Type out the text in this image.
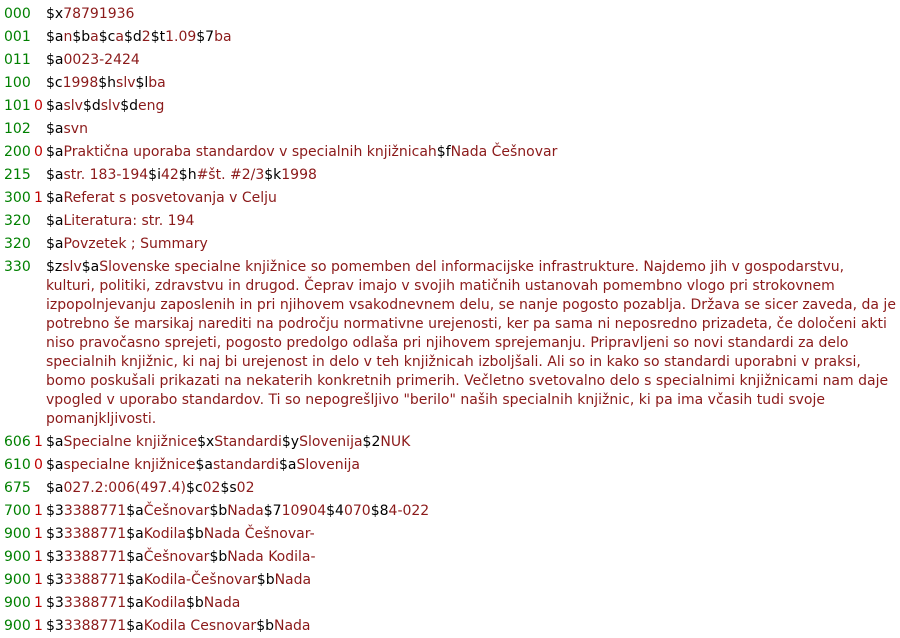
000 $x78791936
001 $an$ba$ca$d2$t1.09$7ba
011 $a0023-2424
100 $c1998$hslv$lba
101 0 $aslv$dslv$deng
102 $asvn
200 0 $aPraktična uporaba standardov v specialnih knjižnicah$fNada Češnovar
215 $astr. 183-194$i42$h#št. #2/3$k1998
300 1 $aReferat s posvetovanja v Celju
320 $aLiteratura: str. 194
320 $aPovzetek ; Summary
330 $zslv$aSlovenske specialne knjižnice so pomemben del informacijske infrastrukture. Najdemo jih v gospodarstvu, kulturi, politiki, zdravstvu in drugod. Čeprav imajo v svojih matičnih ustanovah pomembno vlogo pri strokovnem izpopolnjevanju zaposlenih in pri njihovem vsakodnevnem delu, se nanje pogosto pozablja. Država se sicer zaveda, da je potrebno še marsikaj narediti na področju normativne urejenosti, ker pa sama ni neposredno prizadeta, če določeni akti niso pravočasno sprejeti, pogosto predolgo odlaša pri njihovem sprejemanju. Pripravljeni so novi standardi za delo specialnih knjižnic, ki naj bi urejenost in delo v teh knjižnicah izboljšali. Ali so in kako so standardi uporabni v praksi, bomo poskušali prikazati na nekaterih konkretnih primerih. Večletno svetovalno delo s specialnimi knjižnicami nam daje vpogled v uporabo standardov. Ti so nepogrešljivo "berilo" naših specialnih knjižnic, ki pa ima včasih tudi svoje pomanjkljivosti.
606 1 $aSpecialne knjižnice$xStandardi$ySlovenija$2NUK
610 0 $aspecialne knjižnice$astandardi$aSlovenija
675 $a027.2:006(497.4)$c02$s02
700 1 $33388771$aČešnovar$bNada$710904$4070$84-022
900 1 $33388771$aKodila$bNada Češnovar-
900 1 $33388771$aČešnovar$bNada Kodila-
900 1 $33388771$aKodila-Češnovar$bNada
900 1 $33388771$aKodila$bNada
900 1 $33388771$aKodila Cesnovar$bNada
